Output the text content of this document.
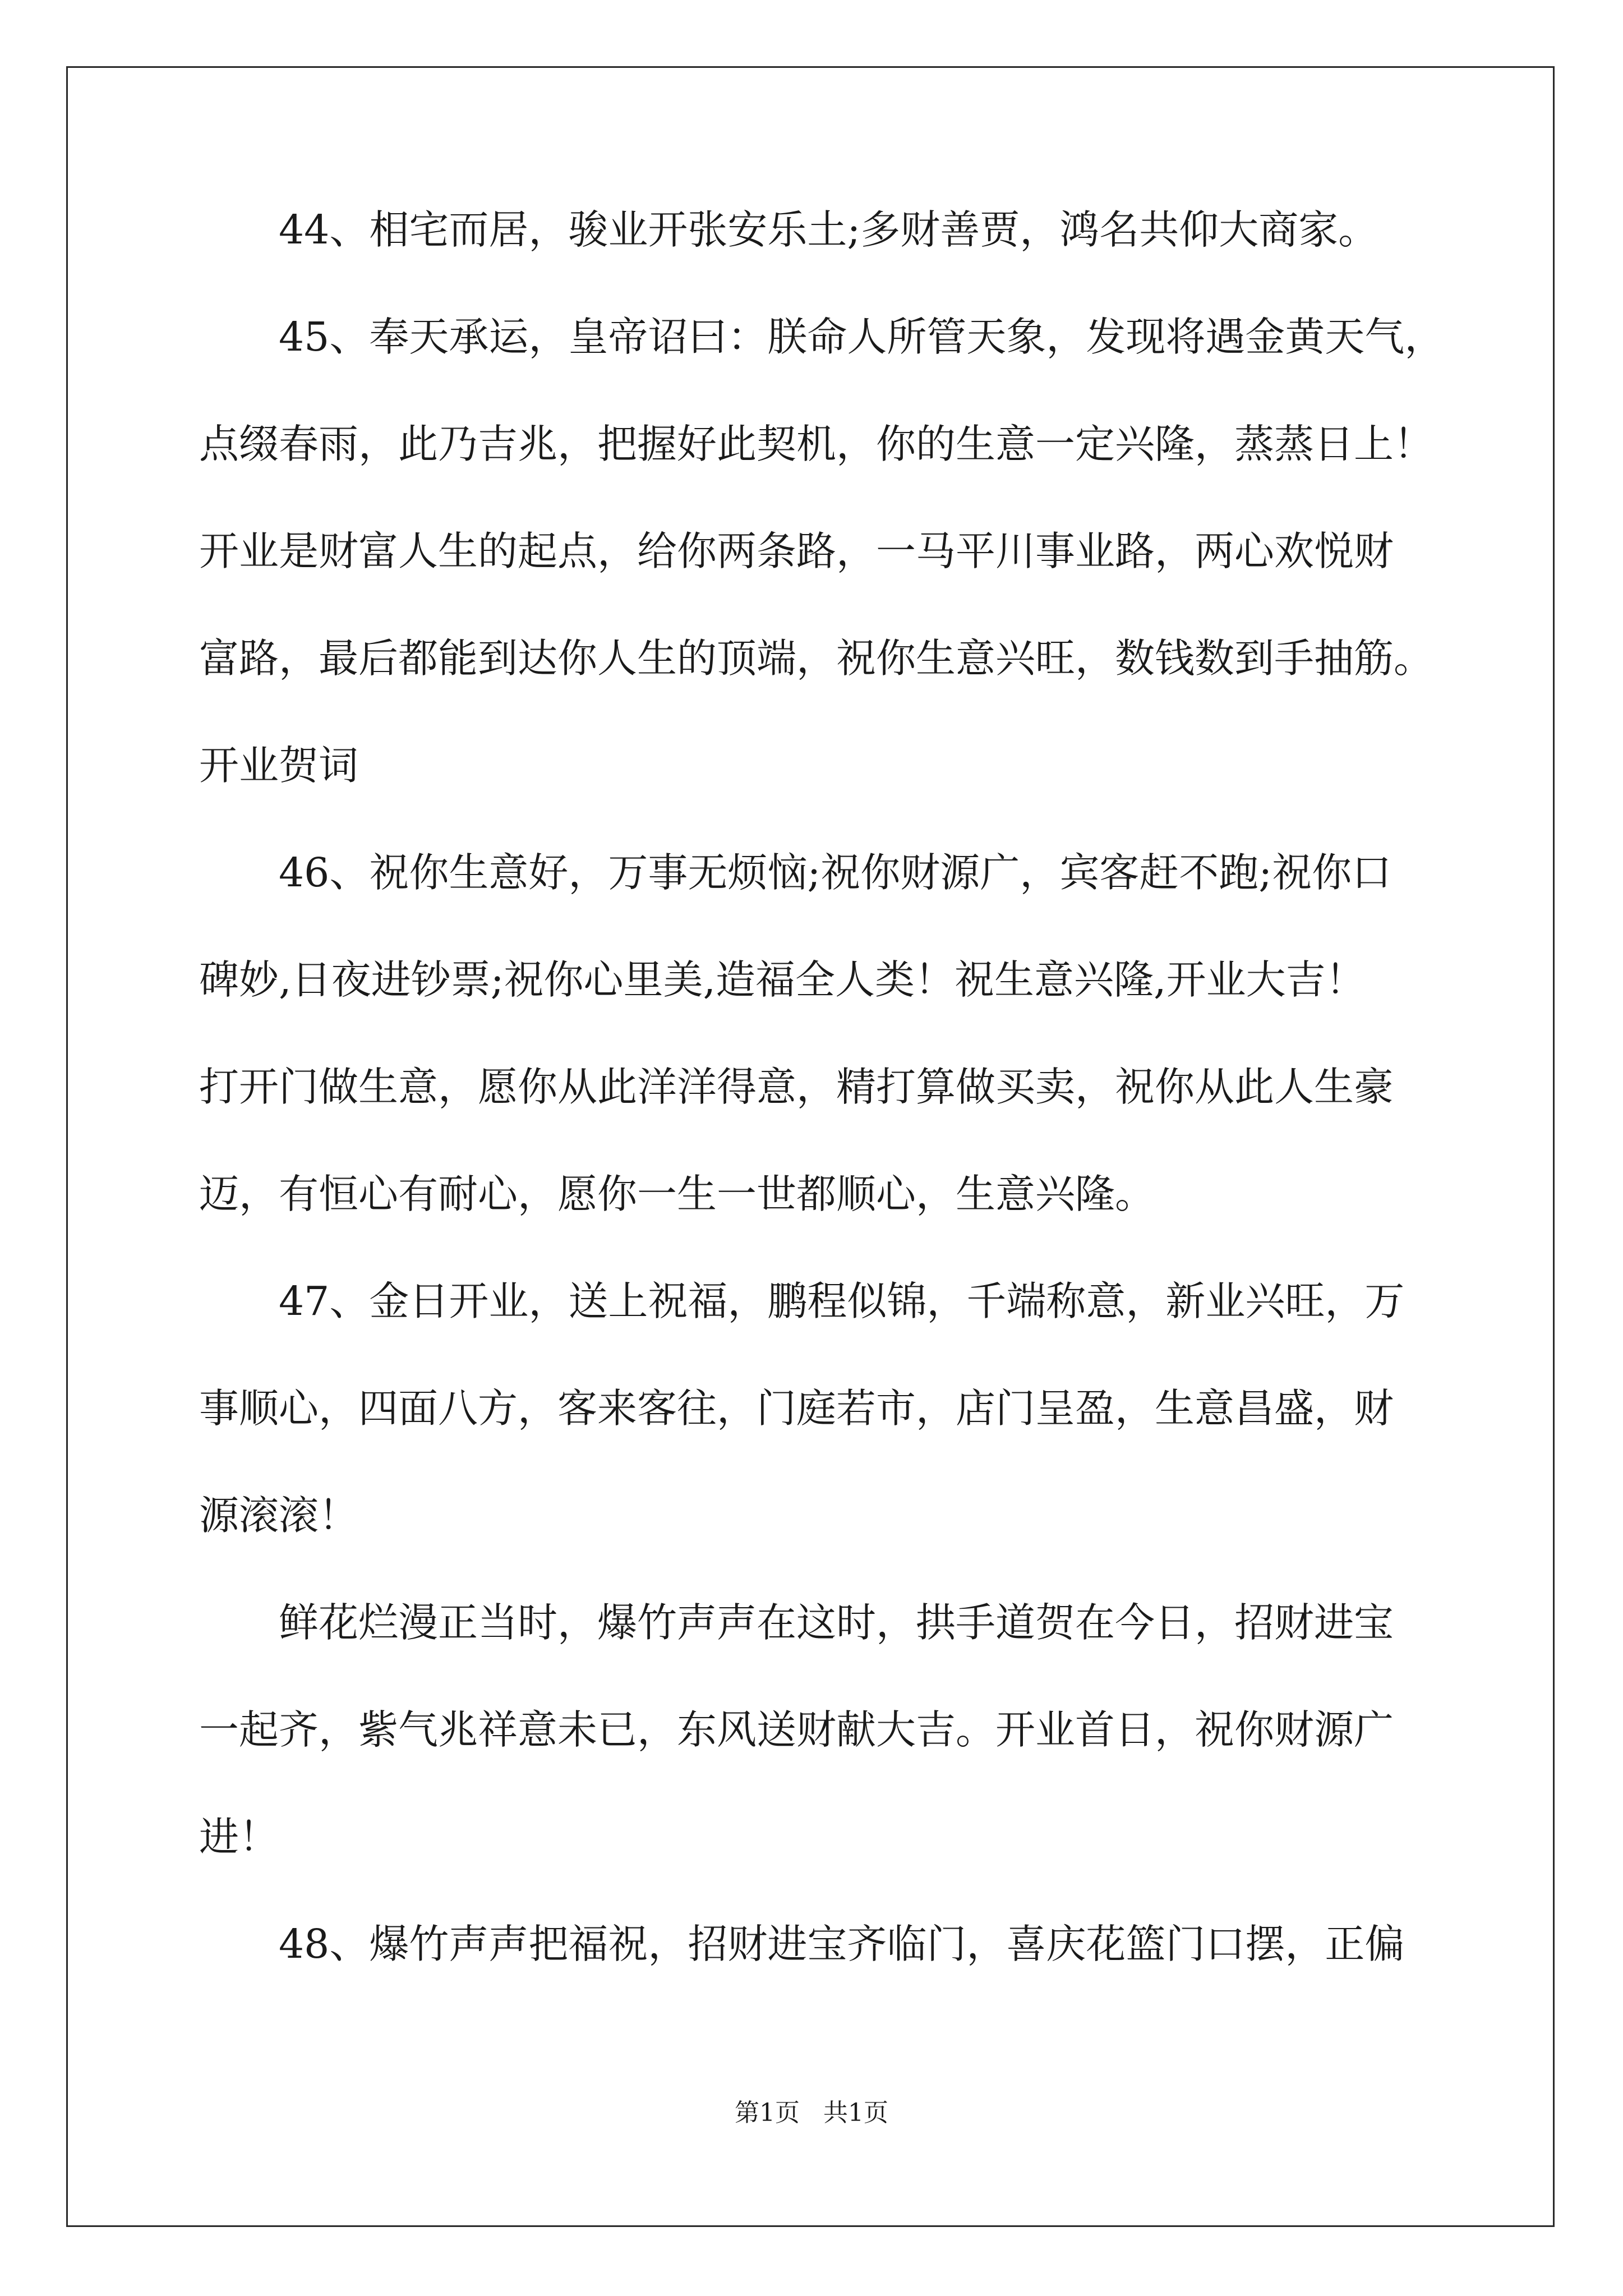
　　44、相宅而居，骏业开张安乐土;多财善贾，鸿名共仰大商家。
　　45、奉天承运，皇帝诏曰：朕命人所管天象，发现将遇金黄天气，
点缀春雨，此乃吉兆，把握好此契机，你的生意一定兴隆，蒸蒸日上！
开业是财富人生的起点，给你两条路，一马平川事业路，两心欢悦财
富路，最后都能到达你人生的顶端，祝你生意兴旺，数钱数到手抽筋。
开业贺词
　　46、祝你生意好，万事无烦恼;祝你财源广，宾客赶不跑;祝你口
碑妙,日夜进钞票;祝你心里美,造福全人类！祝生意兴隆,开业大吉！
打开门做生意，愿你从此洋洋得意，精打算做买卖，祝你从此人生豪
迈，有恒心有耐心，愿你一生一世都顺心，生意兴隆。
　　47、金日开业，送上祝福，鹏程似锦，千端称意，新业兴旺，万
事顺心，四面八方，客来客往，门庭若市，店门呈盈，生意昌盛，财
源滚滚！
　　鲜花烂漫正当时，爆竹声声在这时，拱手道贺在今日，招财进宝
一起齐，紫气兆祥意未已，东风送财献大吉。开业首日，祝你财源广
进！
　　48、爆竹声声把福祝，招财进宝齐临门，喜庆花篮门口摆，正偏
第1页   共1页
